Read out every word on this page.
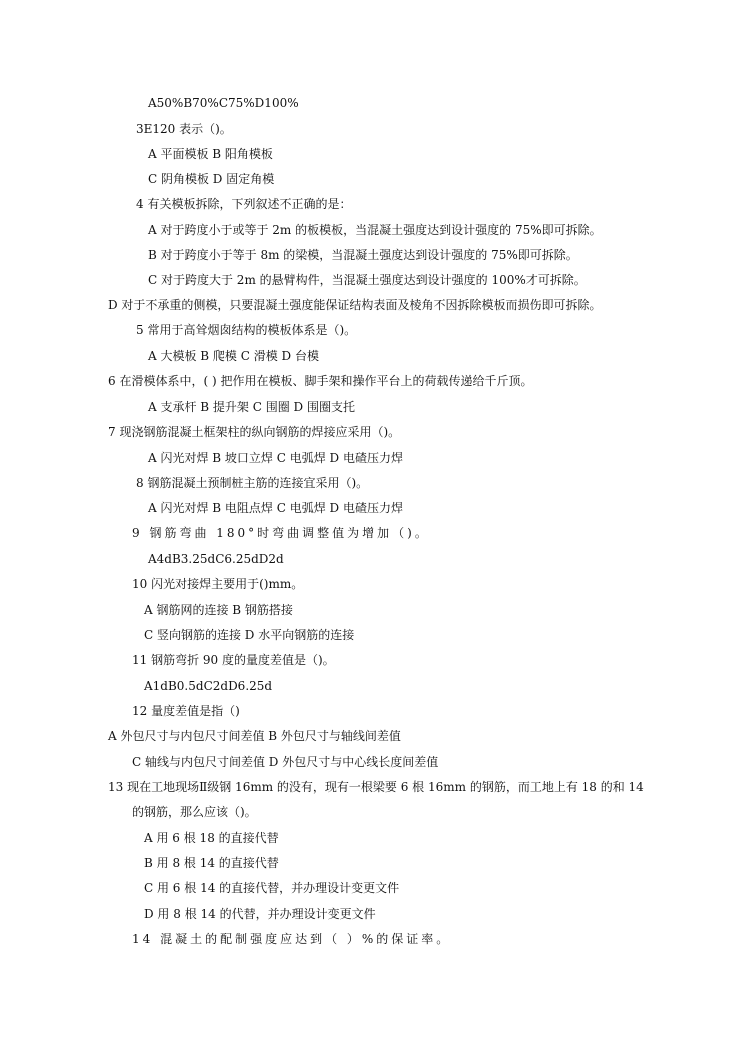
A50%B70%C75%D100%
3E120 表示（)。
A 平面模板 B 阳角模板
C 阴角模板 D 固定角模
4 有关模板拆除，下列叙述不正确的是：
A 对于跨度小于或等于 2m 的板模板，当混凝土强度达到设计强度的 75%即可拆除。
B 对于跨度小于等于 8m 的梁模，当混凝土强度达到设计强度的 75%即可拆除。
C 对于跨度大于 2m 的悬臂构件，当混凝土强度达到设计强度的 100%才可拆除。
D 对于不承重的侧模，只要混凝土强度能保证结构表面及棱角不因拆除模板而损伤即可拆除。
5 常用于高耸烟囱结构的模板体系是（)。
A 大模板 B 爬模 C 滑模 D 台模
6 在滑模体系中，( ) 把作用在模板、脚手架和操作平台上的荷载传递给千斤顶。
A 支承杆 B 提升架 C 围圈 D 围圈支托
7 现浇钢筋混凝土框架柱的纵向钢筋的焊接应采用（)。
A 闪光对焊 B 坡口立焊 C 电弧焊 D 电碴压力焊
8 钢筋混凝土预制桩主筋的连接宜采用（)。
A 闪光对焊 B 电阻点焊 C 电弧焊 D 电碴压力焊
9 钢筋弯曲 180°时弯曲调整值为增加（)。
A4dB3.25dC6.25dD2d
10 闪光对接焊主要用于()mm。
A 钢筋网的连接 B 钢筋搭接
C 竖向钢筋的连接 D 水平向钢筋的连接
11 钢筋弯折 90 度的量度差值是（)。
A1dB0.5dC2dD6.25d
12 量度差值是指（)
A 外包尺寸与内包尺寸间差值 B 外包尺寸与轴线间差值
C 轴线与内包尺寸间差值 D 外包尺寸与中心线长度间差值
13 现在工地现场Ⅱ级钢 16mm 的没有，现有一根梁要 6 根 16mm 的钢筋，而工地上有 18 的和 14
的钢筋，那么应该（)。
A 用 6 根 18 的直接代替
B 用 8 根 14 的直接代替
C 用 6 根 14 的直接代替，并办理设计变更文件
D 用 8 根 14 的代替，并办理设计变更文件
14 混凝土的配制强度应达到（ ）%的保证率。
